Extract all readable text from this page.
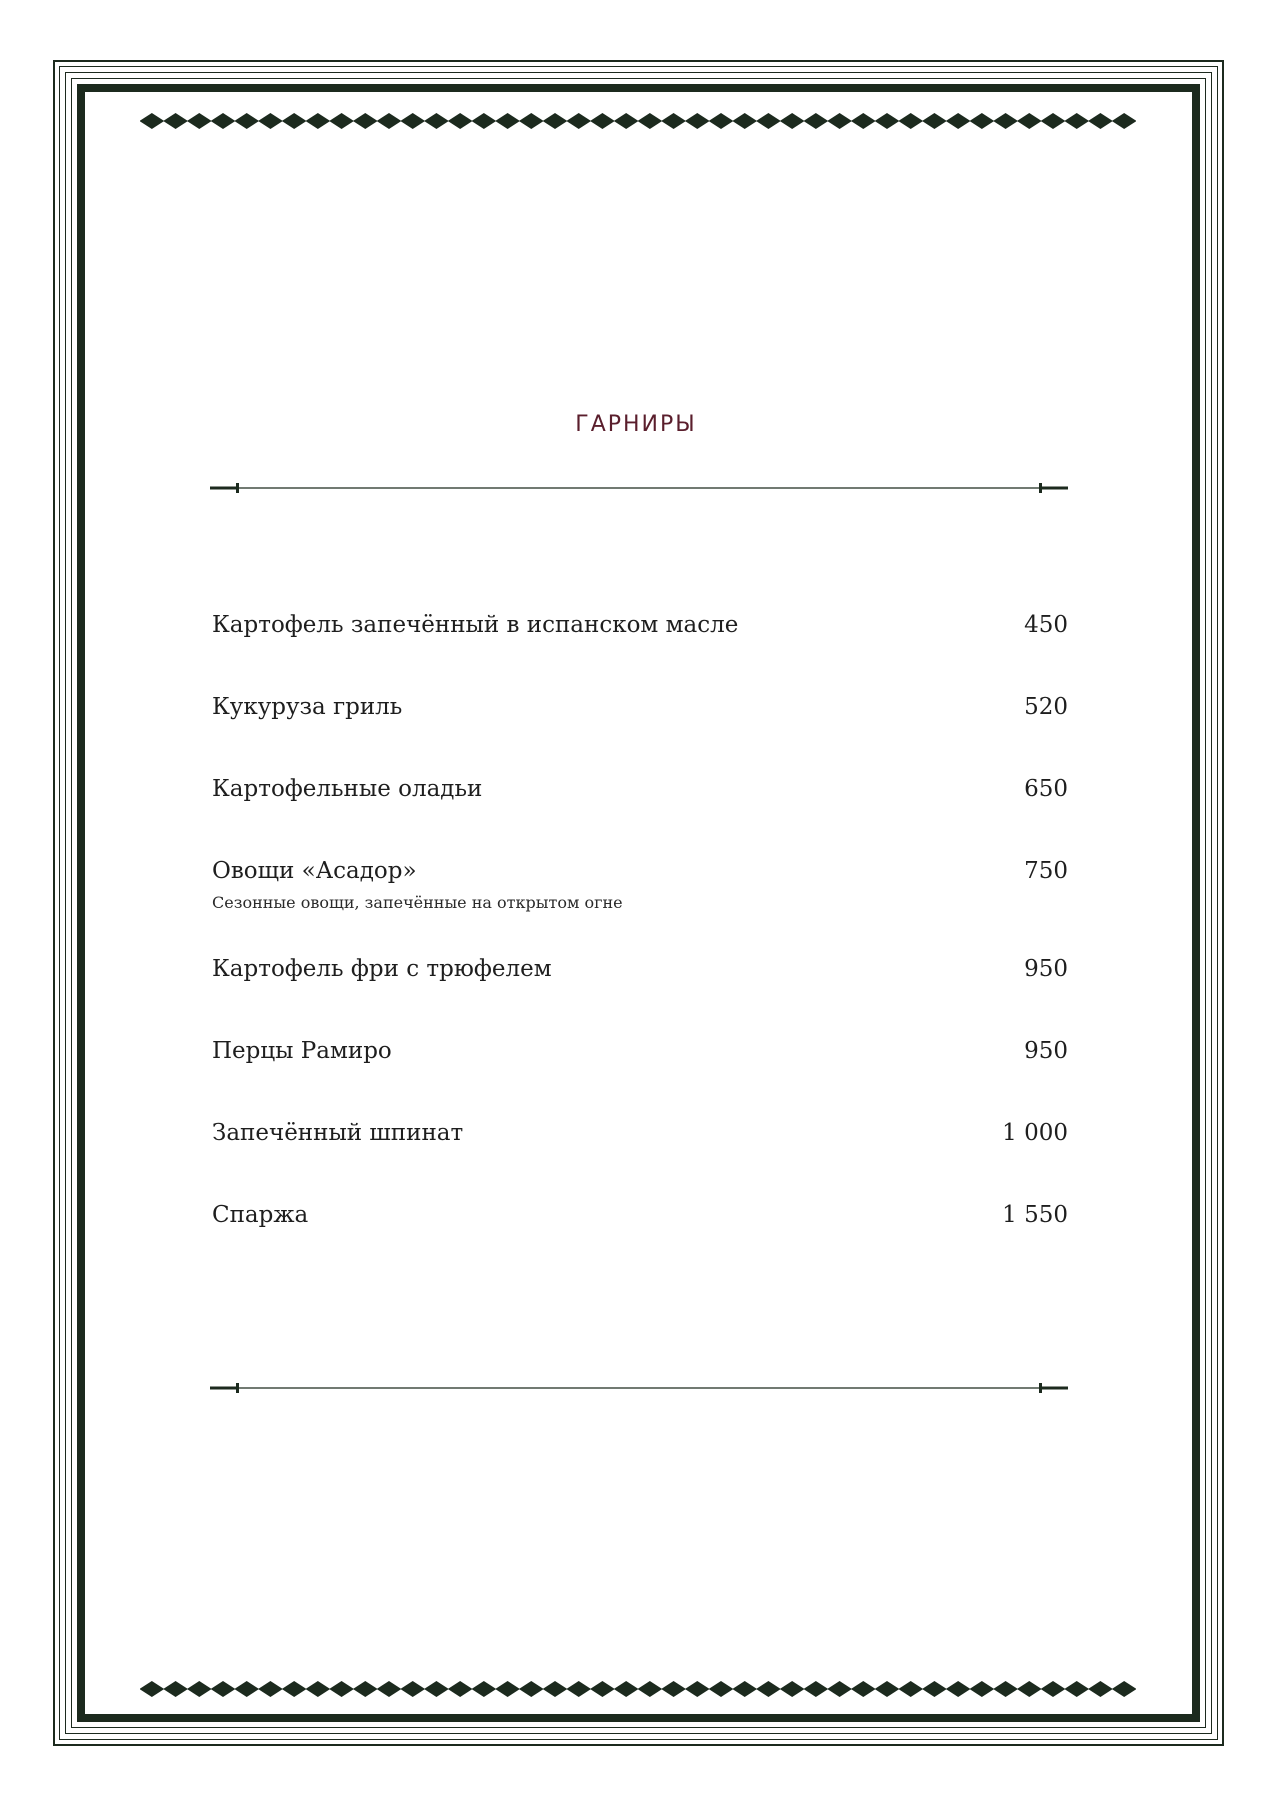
ГАРНИРЫ
Картофель запечённый в испанском масле	450
Кукуруза гриль	520
Картофельные оладьи	650
Овощи «Асадор»	750
Сезонные овощи, запечённые на открытом огне
Картофель фри с трюфелем	950
Перцы Рамиро	950
Запечённый шпинат	1 000
Спаржа	1 550
